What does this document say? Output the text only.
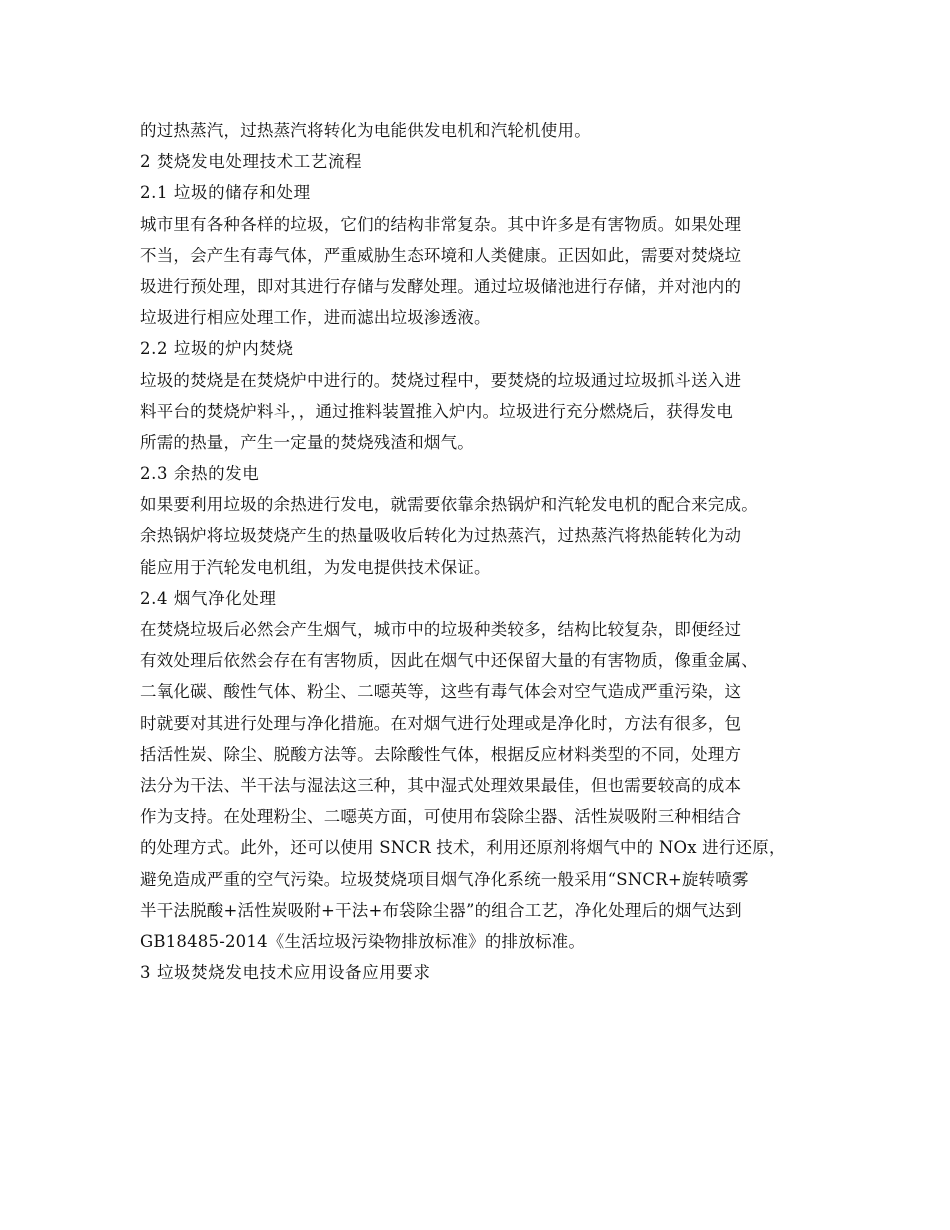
的过热蒸汽，过热蒸汽将转化为电能供发电机和汽轮机使用。
2 焚烧发电处理技术工艺流程
2.1 垃圾的储存和处理
城市里有各种各样的垃圾，它们的结构非常复杂。其中许多是有害物质。如果处理
不当，会产生有毒气体，严重威胁生态环境和人类健康。正因如此，需要对焚烧垃
圾进行预处理，即对其进行存储与发酵处理。通过垃圾储池进行存储，并对池内的
垃圾进行相应处理工作，进而滤出垃圾渗透液。
2.2 垃圾的炉内焚烧
垃圾的焚烧是在焚烧炉中进行的。焚烧过程中，要焚烧的垃圾通过垃圾抓斗送入进
料平台的焚烧炉料斗，，通过推料装置推入炉内。垃圾进行充分燃烧后，获得发电
所需的热量，产生一定量的焚烧残渣和烟气。
2.3 余热的发电
如果要利用垃圾的余热进行发电，就需要依靠余热锅炉和汽轮发电机的配合来完成。
余热锅炉将垃圾焚烧产生的热量吸收后转化为过热蒸汽，过热蒸汽将热能转化为动
能应用于汽轮发电机组，为发电提供技术保证。
2.4 烟气净化处理
在焚烧垃圾后必然会产生烟气，城市中的垃圾种类较多，结构比较复杂，即便经过
有效处理后依然会存在有害物质，因此在烟气中还保留大量的有害物质，像重金属、
二氧化碳、酸性气体、粉尘、二噁英等，这些有毒气体会对空气造成严重污染，这
时就要对其进行处理与净化措施。在对烟气进行处理或是净化时，方法有很多，包
括活性炭、除尘、脱酸方法等。去除酸性气体，根据反应材料类型的不同，处理方
法分为干法、半干法与湿法这三种，其中湿式处理效果最佳，但也需要较高的成本
作为支持。在处理粉尘、二噁英方面，可使用布袋除尘器、活性炭吸附三种相结合
的处理方式。此外，还可以使用 SNCR 技术，利用还原剂将烟气中的 NOx 进行还原，
避免造成严重的空气污染。垃圾焚烧项目烟气净化系统一般采用“SNCR+旋转喷雾
半干法脱酸+活性炭吸附+干法+布袋除尘器”的组合工艺，净化处理后的烟气达到
GB18485-2014《生活垃圾污染物排放标准》的排放标准。
3 垃圾焚烧发电技术应用设备应用要求
